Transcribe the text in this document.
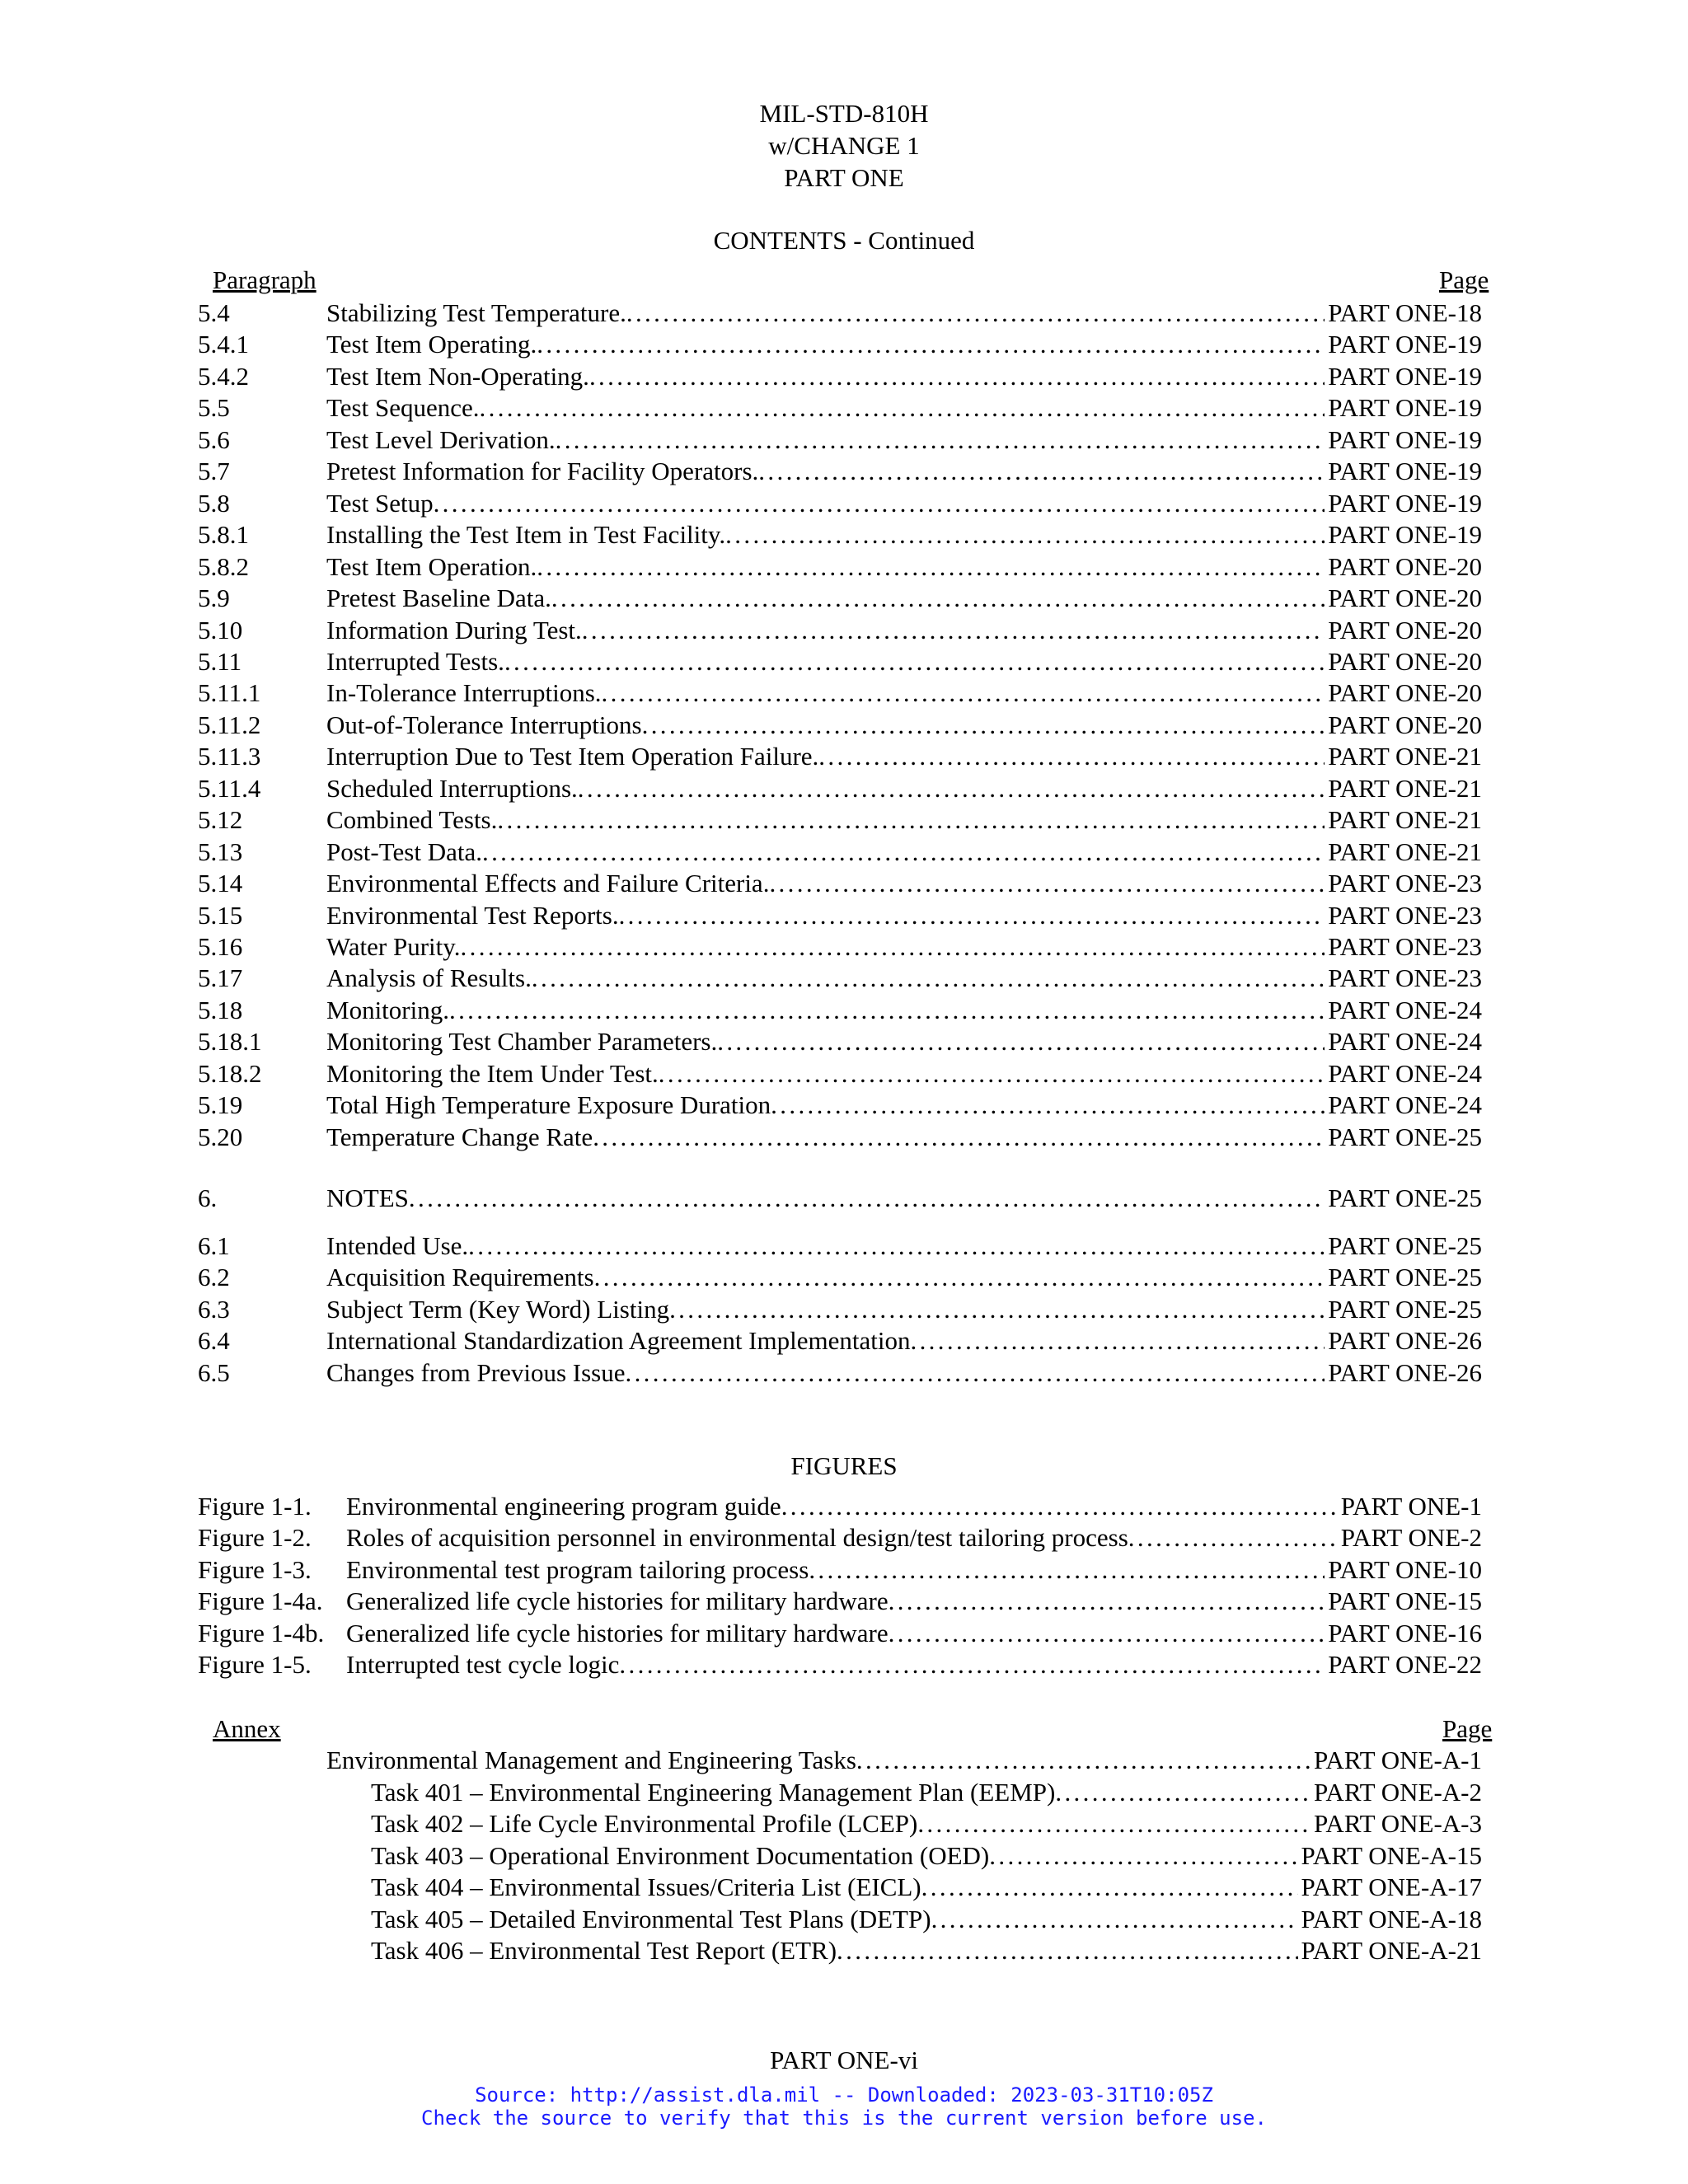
MIL-STD-810H
w/CHANGE 1
PART ONE
CONTENTS - Continued
Paragraph	Page
5.4	Stabilizing Test Temperature. . . .	PART ONE-18
5.4.1	Test Item Operating. . . .	PART ONE-19
5.4.2	Test Item Non-Operating. . . .	PART ONE-19
5.5	Test Sequence. . . .	PART ONE-19
5.6	Test Level Derivation. . . .	PART ONE-19
5.7	Pretest Information for Facility Operators. . . .	PART ONE-19
5.8	Test Setup . . .	PART ONE-19
5.8.1	Installing the Test Item in Test Facility. . . .	PART ONE-19
5.8.2	Test Item Operation. . . .	PART ONE-20
5.9	Pretest Baseline Data. . . .	PART ONE-20
5.10	Information During Test. . . .	PART ONE-20
5.11	Interrupted Tests. . . .	PART ONE-20
5.11.1	In-Tolerance Interruptions. . . .	PART ONE-20
5.11.2	Out-of-Tolerance Interruptions . . .	PART ONE-20
5.11.3	Interruption Due to Test Item Operation Failure. . . .	PART ONE-21
5.11.4	Scheduled Interruptions. . . .	PART ONE-21
5.12	Combined Tests. . . .	PART ONE-21
5.13	Post-Test Data. . . .	PART ONE-21
5.14	Environmental Effects and Failure Criteria. . . .	PART ONE-23
5.15	Environmental Test Reports. . . .	PART ONE-23
5.16	Water Purity. . . .	PART ONE-23
5.17	Analysis of Results. . . .	PART ONE-23
5.18	Monitoring. . . .	PART ONE-24
5.18.1	Monitoring Test Chamber Parameters. . . .	PART ONE-24
5.18.2	Monitoring the Item Under Test. . . .	PART ONE-24
5.19	Total High Temperature Exposure Duration . . .	PART ONE-24
5.20	Temperature Change Rate . . .	PART ONE-25
6.	NOTES . . .	PART ONE-25
6.1	Intended Use. . . .	PART ONE-25
6.2	Acquisition Requirements . . .	PART ONE-25
6.3	Subject Term (Key Word) Listing . . .	PART ONE-25
6.4	International Standardization Agreement Implementation . . .	PART ONE-26
6.5	Changes from Previous Issue . . .	PART ONE-26
FIGURES
Figure 1-1.	Environmental engineering program guide . . .	PART ONE-1
Figure 1-2.	Roles of acquisition personnel in environmental design/test tailoring process . . .	PART ONE-2
Figure 1-3.	Environmental test program tailoring process . . .	PART ONE-10
Figure 1-4a. Generalized life cycle histories for military hardware . . .	PART ONE-15
Figure 1-4b. Generalized life cycle histories for military hardware . . .	PART ONE-16
Figure 1-5.	Interrupted test cycle logic . . .	PART ONE-22
Annex	Page
Environmental Management and Engineering Tasks . . .	PART ONE-A-1
Task 401 – Environmental Engineering Management Plan (EEMP) . . .	PART ONE-A-2
Task 402 – Life Cycle Environmental Profile (LCEP) . . .	PART ONE-A-3
Task 403 – Operational Environment Documentation (OED) . . .	PART ONE-A-15
Task 404 – Environmental Issues/Criteria List (EICL) . . .	PART ONE-A-17
Task 405 – Detailed Environmental Test Plans (DETP) . . .	PART ONE-A-18
Task 406 – Environmental Test Report (ETR) . . .	PART ONE-A-21
PART ONE-vi
Source: http://assist.dla.mil -- Downloaded: 2023-03-31T10:05Z
Check the source to verify that this is the current version before use.
